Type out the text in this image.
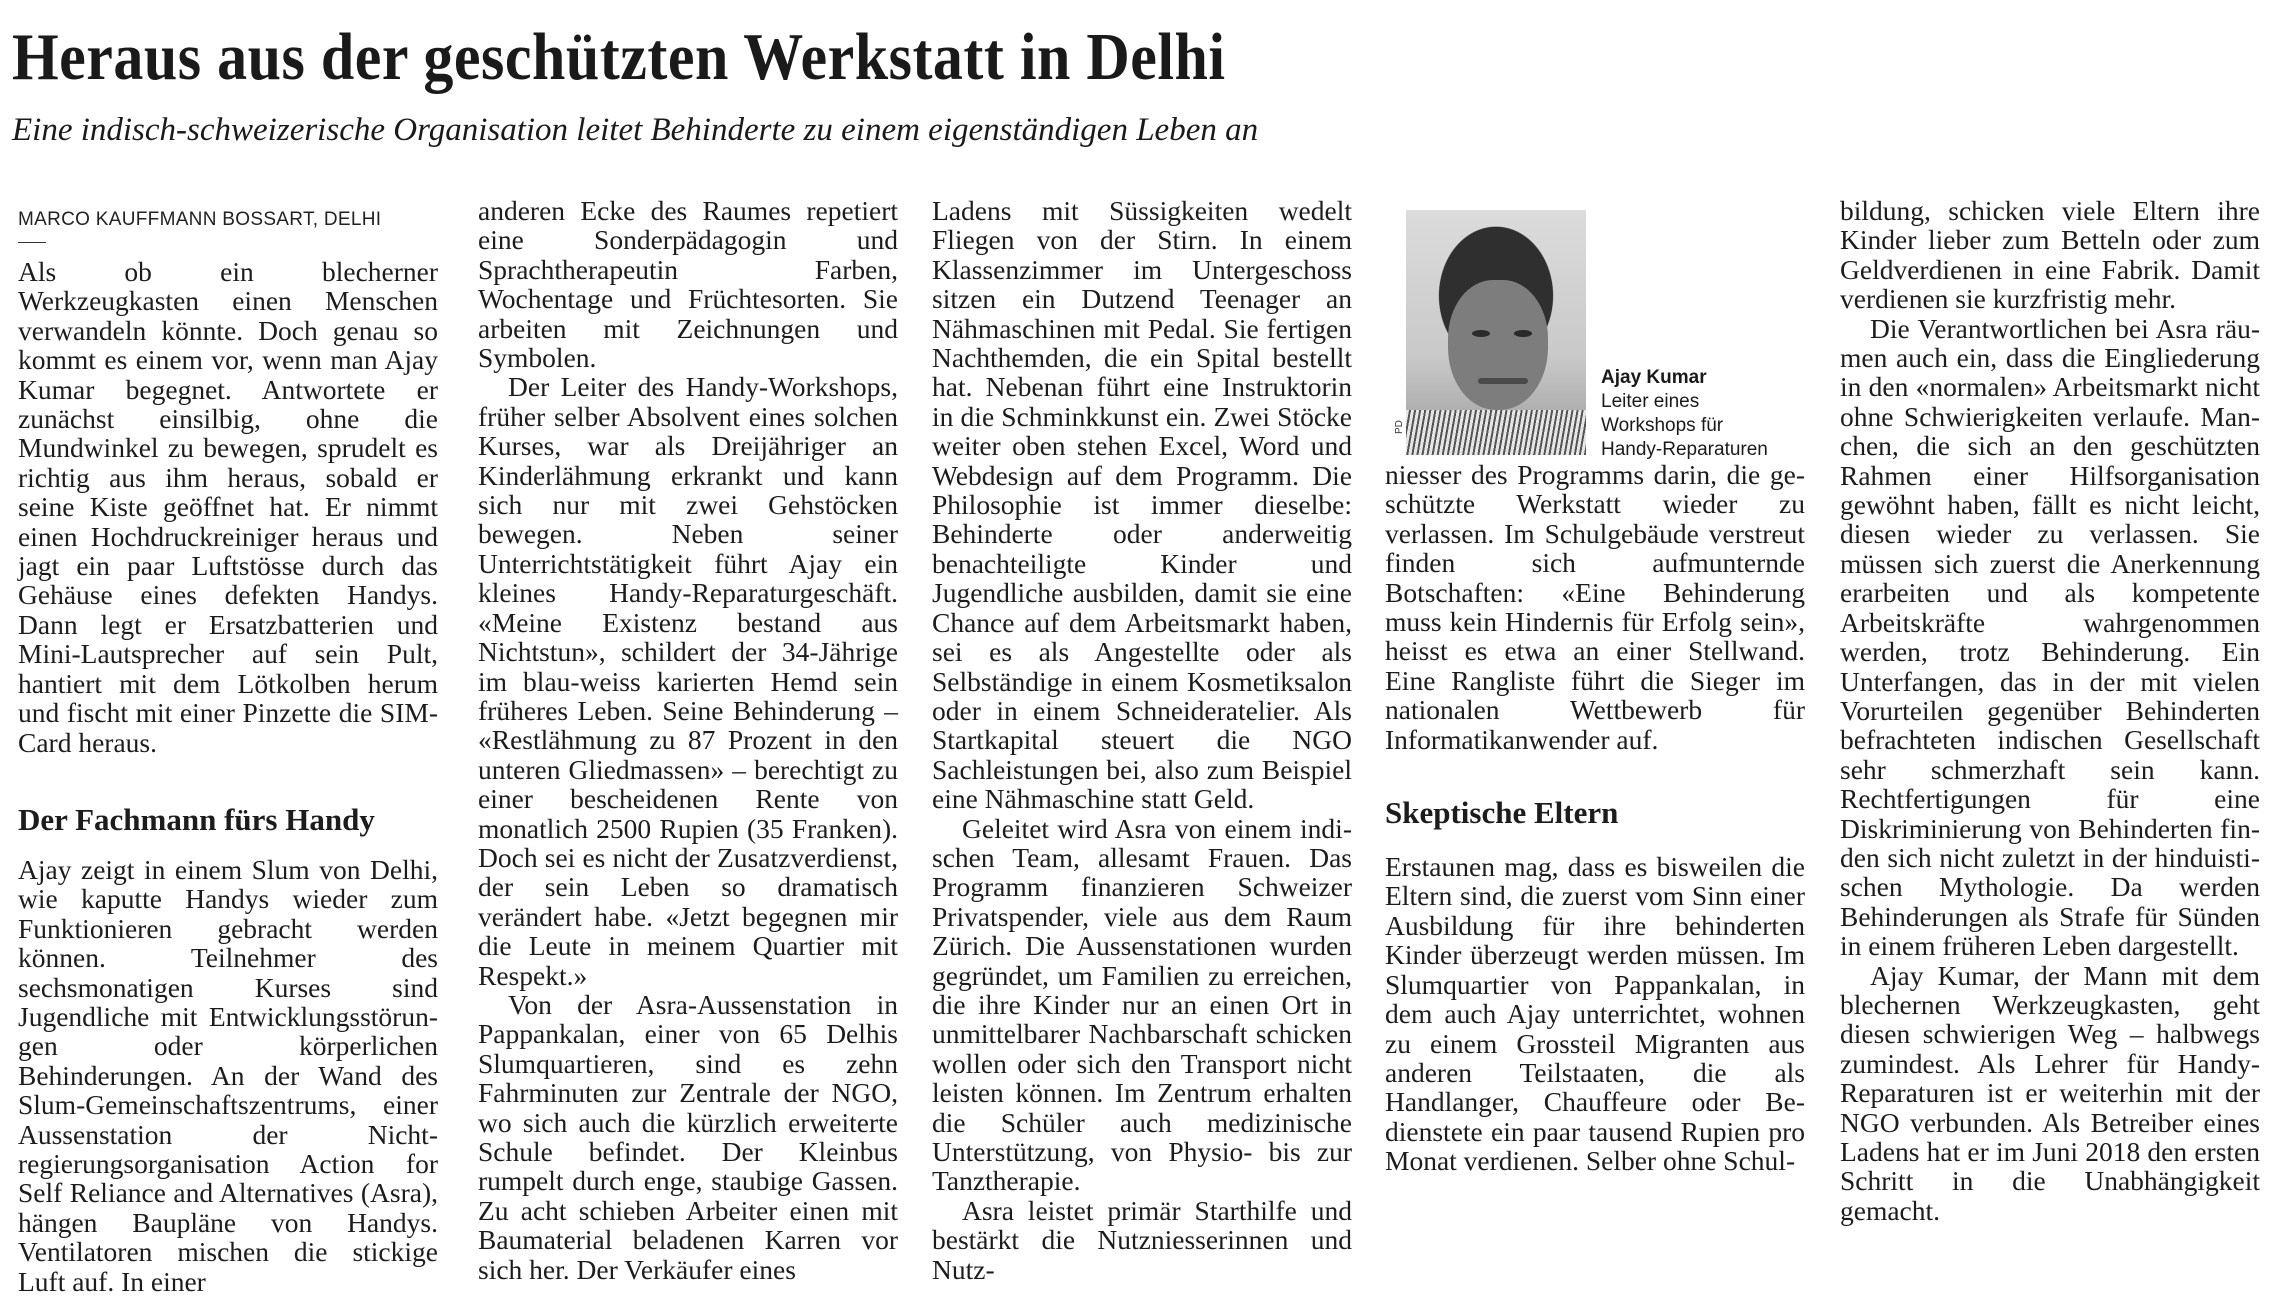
Heraus aus der geschützten Werkstatt in Delhi
Eine indisch-schweizerische Organisation leitet Behinderte zu einem eigenständigen Leben an
MARCO KAUFFMANN BOSSART, DELHI

Als ob ein blecherner Werkzeugkasten einen Menschen verwandeln könnte. Doch genau so kommt es einem vor, wenn man Ajay Kumar begegnet. Antwortete er zunächst einsilbig, ohne die Mundwinkel zu bewegen, sprudelt es richtig aus ihm heraus, sobald er seine Kiste geöffnet hat. Er nimmt einen Hochdruckreiniger heraus und jagt ein paar Luftstösse durch das Gehäuse eines defekten Handys. Dann legt er Ersatzbatterien und Mini-Lautsprecher auf sein Pult, hantiert mit dem Lötkolben herum und fischt mit einer Pinzette die SIM-Card heraus.

Der Fachmann fürs Handy

Ajay zeigt in einem Slum von Delhi, wie kaputte Handys wieder zum Funktionieren gebracht werden können. Teilnehmer des sechsmonatigen Kurses sind Jugendliche mit Entwicklungsstörungen oder körperlichen Behinderungen. An der Wand des Slum-Gemeinschaftszentrums, einer Aussenstation der Nichtregierungsorganisation Action for Self Reliance and Alternatives (Asra), hängen Baupläne von Handys. Ventilatoren mischen die stickige Luft auf. In einer

anderen Ecke des Raumes repetiert eine Sonderpädagogin und Sprachtherapeutin Farben, Wochentage und Früchtesorten. Sie arbeiten mit Zeichnungen und Symbolen.

Der Leiter des Handy-Workshops, früher selber Absolvent eines solchen Kurses, war als Dreijähriger an Kinderlähmung erkrankt und kann sich nur mit zwei Gehstöcken bewegen. Neben seiner Unterrichtstätigkeit führt Ajay ein kleines Handy-Reparaturgeschäft. «Meine Existenz bestand aus Nichtstun», schildert der 34-Jährige im blau-weiss karierten Hemd sein früheres Leben. Seine Behinderung – «Restlähmung zu 87 Prozent in den unteren Gliedmassen» – berechtigt zu einer bescheidenen Rente von monatlich 2500 Rupien (35 Franken). Doch sei es nicht der Zusatzverdienst, der sein Leben so dramatisch verändert habe. «Jetzt begegnen mir die Leute in meinem Quartier mit Respekt.»

Von der Asra-Aussenstation in Pappankalan, einer von 65 Delhis Slumquartieren, sind es zehn Fahrminuten zur Zentrale der NGO, wo sich auch die kürzlich erweiterte Schule befindet. Der Kleinbus rumpelt durch enge, staubige Gassen. Zu acht schieben Arbeiter einen mit Baumaterial beladenen Karren vor sich her. Der Verkäufer eines

Ladens mit Süssigkeiten wedelt Fliegen von der Stirn. In einem Klassenzimmer im Untergeschoss sitzen ein Dutzend Teenager an Nähmaschinen mit Pedal. Sie fertigen Nachthemden, die ein Spital bestellt hat. Nebenan führt eine Instruktorin in die Schminkkunst ein. Zwei Stöcke weiter oben stehen Excel, Word und Webdesign auf dem Programm. Die Philosophie ist immer dieselbe: Behinderte oder anderweitig benachteiligte Kinder und Jugendliche ausbilden, damit sie eine Chance auf dem Arbeitsmarkt haben, sei es als Angestellte oder als Selbständige in einem Kosmetiksalon oder in einem Schneideratelier. Als Startkapital steuert die NGO Sachleistungen bei, also zum Beispiel eine Nähmaschine statt Geld.

Geleitet wird Asra von einem indischen Team, allesamt Frauen. Das Programm finanzieren Schweizer Privatspender, viele aus dem Raum Zürich. Die Aussenstationen wurden gegründet, um Familien zu erreichen, die ihre Kinder nur an einen Ort in unmittelbarer Nachbarschaft schicken wollen oder sich den Transport nicht leisten können. Im Zentrum erhalten die Schüler auch medizinische Unterstützung, von Physio- bis zur Tanztherapie.

Asra leistet primär Starthilfe und bestärkt die Nutzniesserinnen und Nutz-

PD
Ajay Kumar
Leiter eines
Workshops für
Handy-Reparaturen

niesser des Programms darin, die geschützte Werkstatt wieder zu verlassen. Im Schulgebäude verstreut finden sich aufmunternde Botschaften: «Eine Behinderung muss kein Hindernis für Erfolg sein», heisst es etwa an einer Stellwand. Eine Rangliste führt die Sieger im nationalen Wettbewerb für Informatikanwender auf.

Skeptische Eltern

Erstaunen mag, dass es bisweilen die Eltern sind, die zuerst vom Sinn einer Ausbildung für ihre behinderten Kinder überzeugt werden müssen. Im Slumquartier von Pappankalan, in dem auch Ajay unterrichtet, wohnen zu einem Grossteil Migranten aus anderen Teilstaaten, die als Handlanger, Chauffeure oder Bedienstete ein paar tausend Rupien pro Monat verdienen. Selber ohne Schul-

bildung, schicken viele Eltern ihre Kinder lieber zum Betteln oder zum Geldverdienen in eine Fabrik. Damit verdienen sie kurzfristig mehr.

Die Verantwortlichen bei Asra räumen auch ein, dass die Eingliederung in den «normalen» Arbeitsmarkt nicht ohne Schwierigkeiten verlaufe. Manchen, die sich an den geschützten Rahmen einer Hilfsorganisation gewöhnt haben, fällt es nicht leicht, diesen wieder zu verlassen. Sie müssen sich zuerst die Anerkennung erarbeiten und als kompetente Arbeitskräfte wahrgenommen werden, trotz Behinderung. Ein Unterfangen, das in der mit vielen Vorurteilen gegenüber Behinderten befrachteten indischen Gesellschaft sehr schmerzhaft sein kann. Rechtfertigungen für eine Diskriminierung von Behinderten finden sich nicht zuletzt in der hinduistischen Mythologie. Da werden Behinderungen als Strafe für Sünden in einem früheren Leben dargestellt.

Ajay Kumar, der Mann mit dem blechernen Werkzeugkasten, geht diesen schwierigen Weg – halbwegs zumindest. Als Lehrer für Handy-Reparaturen ist er weiterhin mit der NGO verbunden. Als Betreiber eines Ladens hat er im Juni 2018 den ersten Schritt in die Unabhängigkeit gemacht.
